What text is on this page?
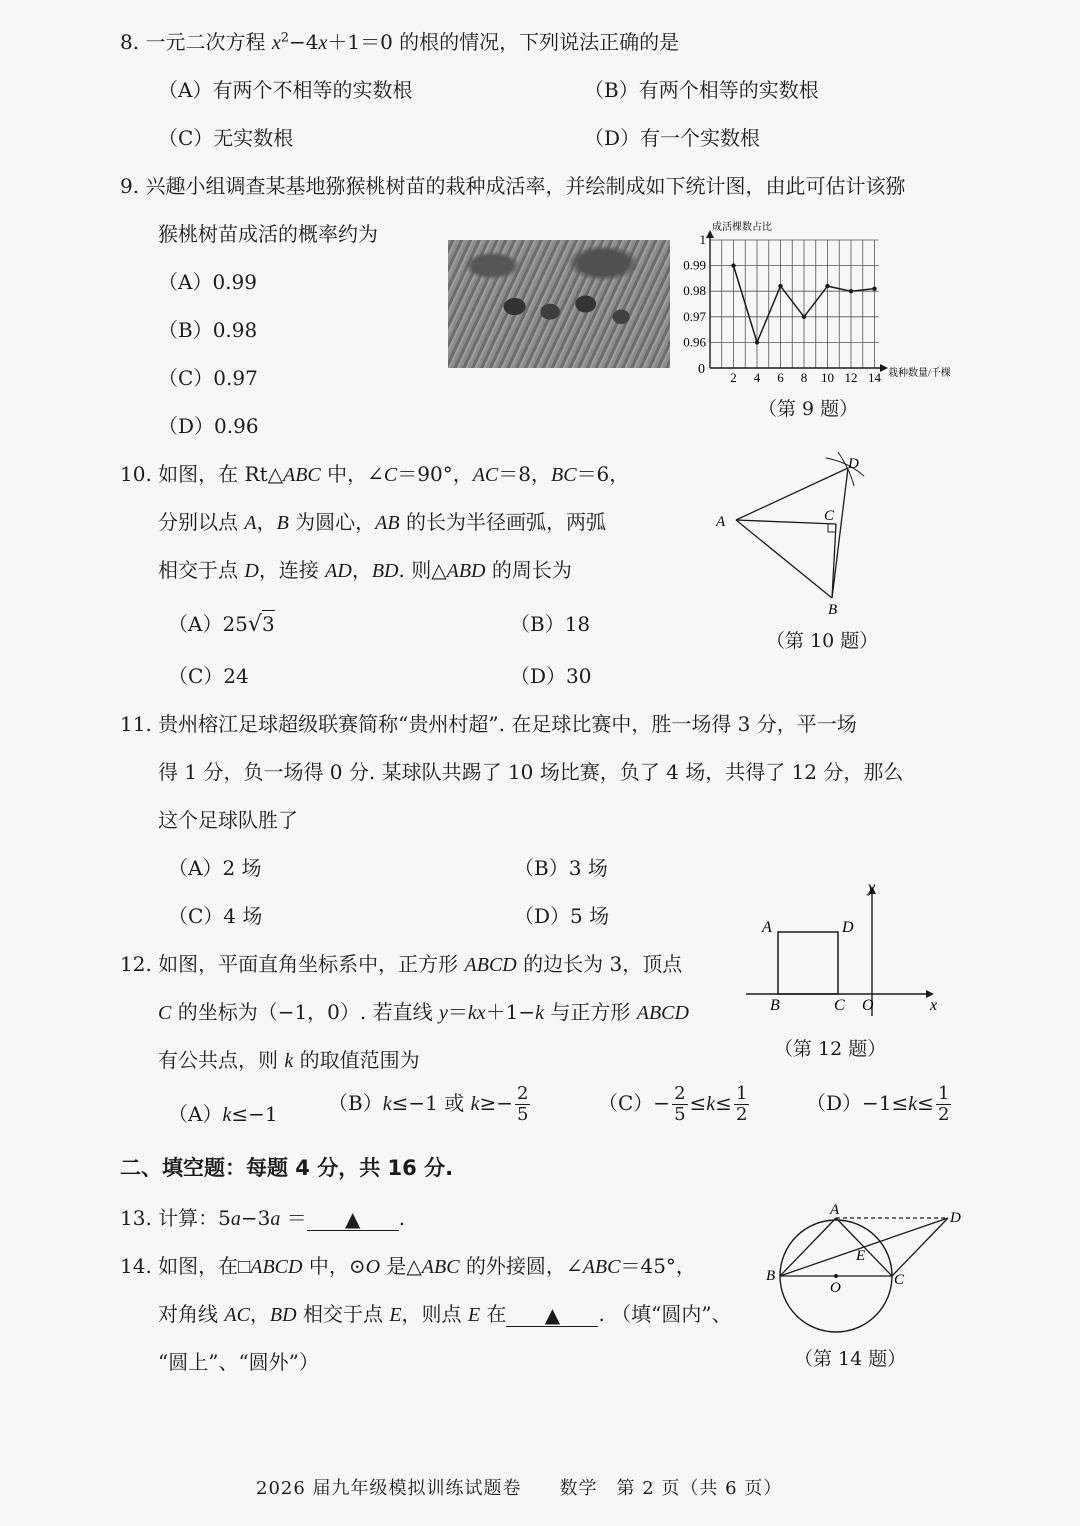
8. 一元二次方程 $x^2-4x+1=0$ 的根的情况，下列说法正确的是
（A）有两个不相等的实数根	（B）有两个相等的实数根
（C）无实数根	（D）有一个实数根
9. 兴趣小组调查某基地猕猴桃树苗的栽种成活率，并绘制成如下统计图，由此可估计该猕
猴桃树苗成活的概率约为
（A）0.99
（B）0.98
（C）0.97
（D）0.96
0.96
0.97
0.98
0.99
1
2 4 6 8 10 12 14
成活棵数占比
栽种数量/千棵
0
（第 9 题）
10. 如图，在 Rt△ABC 中，∠C＝90°，AC＝8，BC＝6，
分别以点 A，B 为圆心，AB 的长为半径画弧，两弧
相交于点 D，连接 AD，BD. 则△ABD 的周长为
（A）25√3	（B）18
（C）24	（D）30
A	C
B
D
（第 10 题）
11. 贵州榕江足球超级联赛简称“贵州村超”. 在足球比赛中，胜一场得 3 分，平一场
得 1 分，负一场得 0 分. 某球队共踢了 10 场比赛，负了 4 场，共得了 12 分，那么
这个足球队胜了
（A）2 场	（B）3 场
（C）4 场	（D）5 场
12. 如图，平面直角坐标系中，正方形 ABCD 的边长为 3，顶点
C 的坐标为（−1，0）. 若直线 y＝kx＋1−k 与正方形 ABCD
有公共点，则 k 的取值范围为
（A）k≤−1	（B）k≤−1 或 $k\ge- \frac{2}{5}$	$(C)- \frac{2}{5} \le k\le \frac{1}{2}$	$(D)-1\le k\le \frac{1}{2}$
A	D
B	C O	x
y
（第 12 题）
二、填空题：每题 4 分，共 16 分.
13. 计算：5a−3a ＝ ▲ .
14. 如图，在□ABCD 中，⊙O 是△ABC 的外接圆，∠ABC＝45°，
对角线 AC，BD 相交于点 E，则点 E 在 ▲ . （填“圆内”、
“圆上”、“圆外”）
A
B	C
D
E
O
（第 14 题）
2026 届九年级模拟训练试题卷　　数学　第 2 页（共 6 页）
